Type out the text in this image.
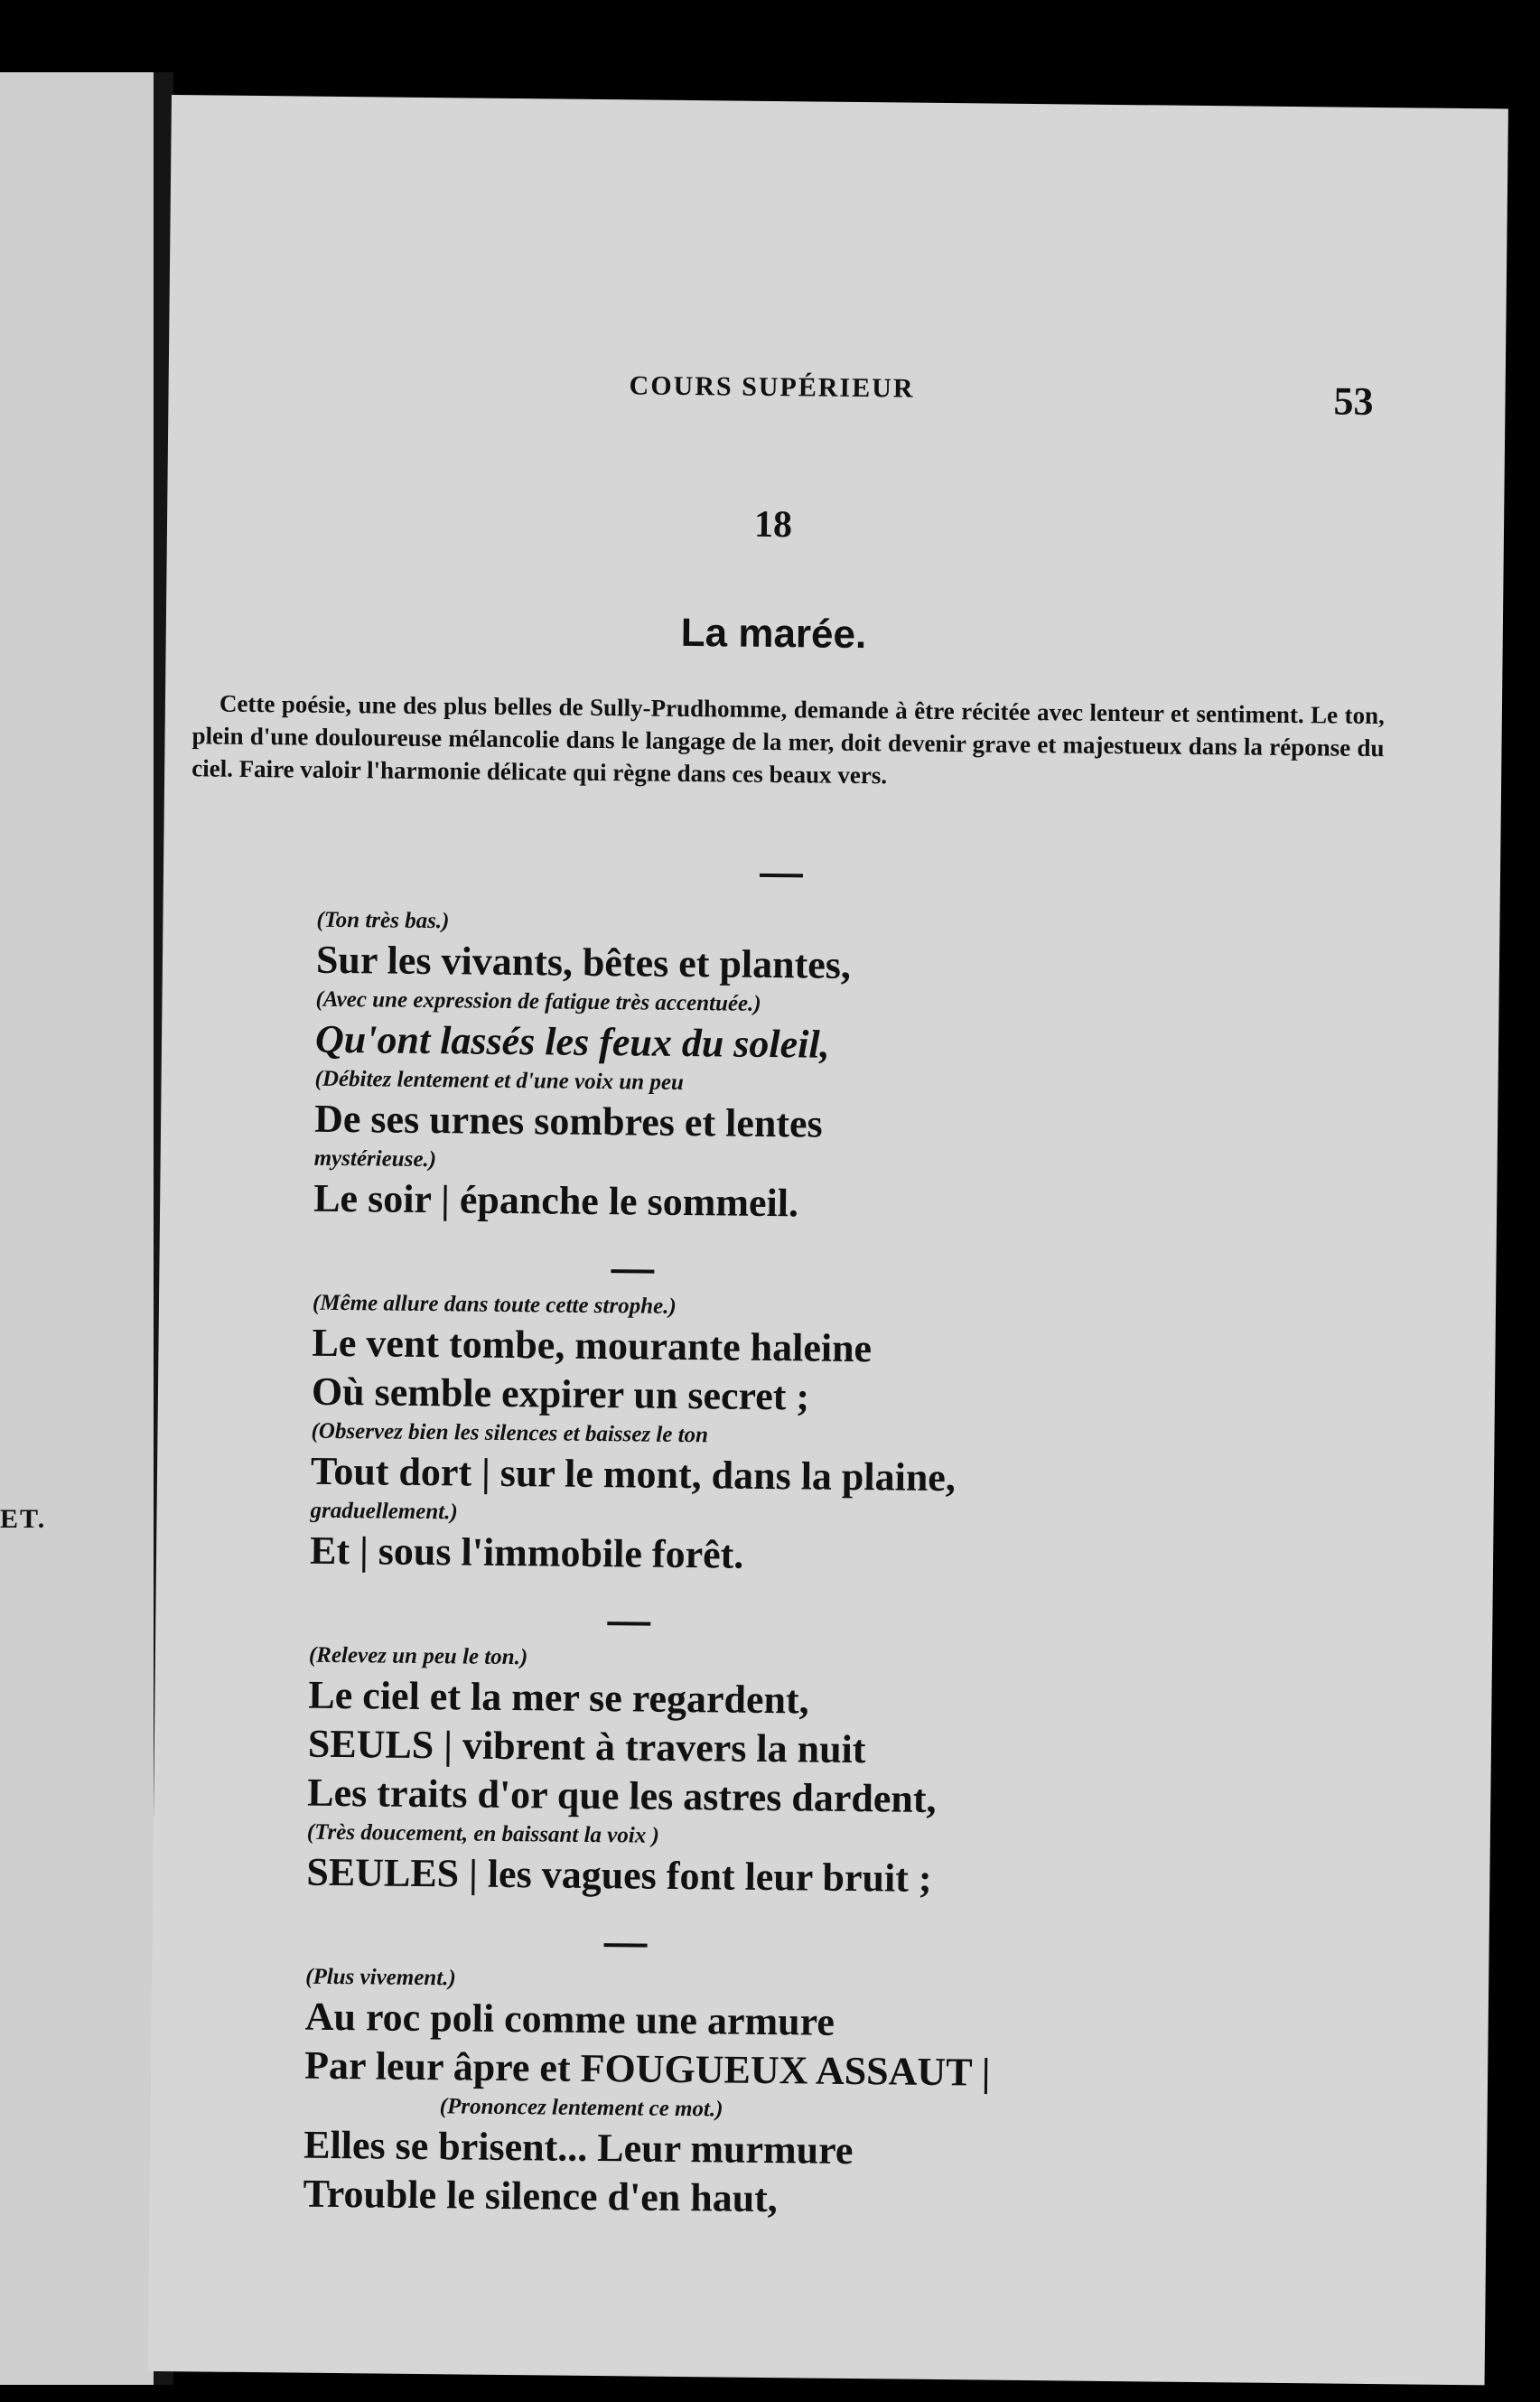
ET.
COURS SUPÉRIEUR	53
18
La marée.
Cette poésie, une des plus belles de Sully-Prudhomme, demande à être récitée avec lenteur et sentiment. Le ton, plein d'une douloureuse mélancolie dans le langage de la mer, doit devenir grave et majestueux dans la réponse du ciel. Faire valoir l'harmonie délicate qui règne dans ces beaux vers.
(Ton très bas.)
Sur les vivants, bêtes et plantes,
(Avec une expression de fatigue très accentuée.)
Qu'ont lassés les feux du soleil,
(Débitez lentement et d'une voix un peu
De ses urnes sombres et lentes
mystérieuse.)
Le soir | épanche le sommeil.
(Même allure dans toute cette strophe.)
Le vent tombe, mourante haleine
Où semble expirer un secret ;
(Observez bien les silences et baissez le ton
Tout dort | sur le mont, dans la plaine,
graduellement.)
Et | sous l'immobile forêt.
(Relevez un peu le ton.)
Le ciel et la mer se regardent,
SEULS | vibrent à travers la nuit
Les traits d'or que les astres dardent,
(Très doucement, en baissant la voix )
SEULES | les vagues font leur bruit ;
(Plus vivement.)
Au roc poli comme une armure
Par leur âpre et FOUGUEUX ASSAUT |
(Prononcez lentement ce mot.)
Elles se brisent... Leur murmure
Trouble le silence d'en haut,
